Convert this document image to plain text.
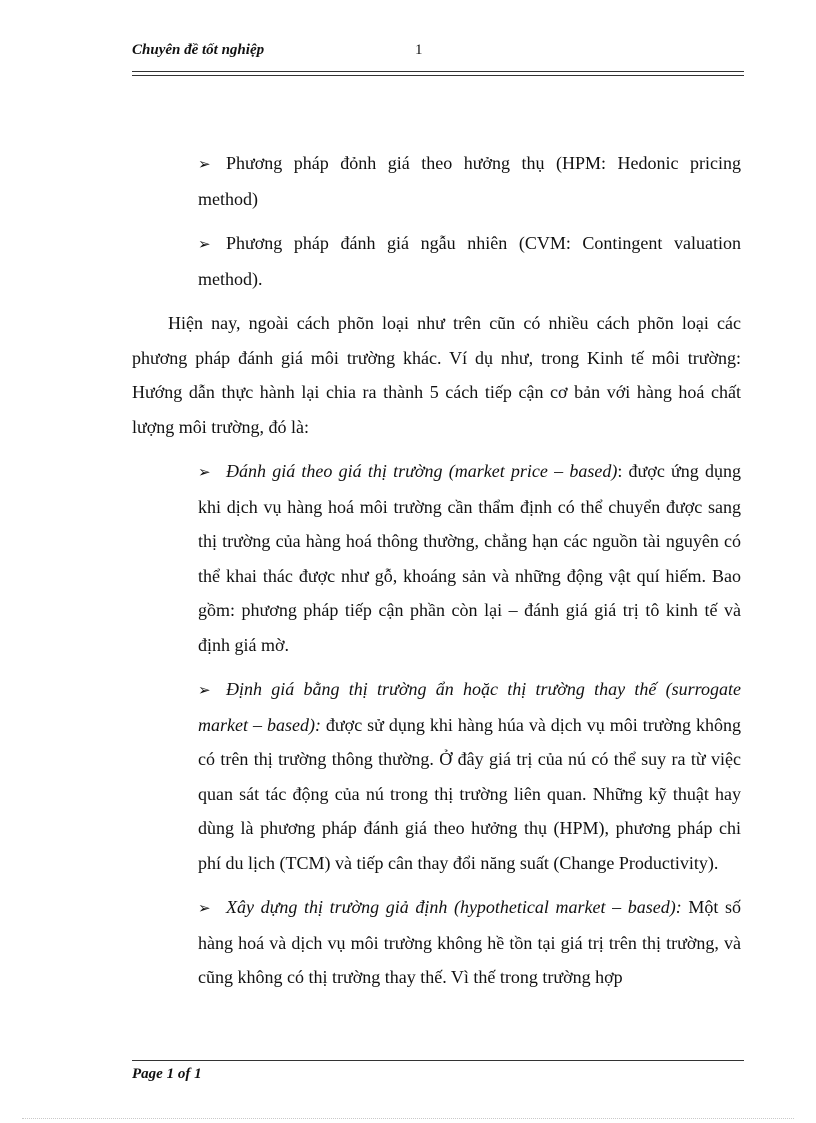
Chuyên đề tốt nghiệp	1
➢ Phương pháp đỏnh giá theo hưởng thụ (HPM: Hedonic pricing method)
➢ Phương pháp đánh giá ngẫu nhiên (CVM: Contingent valuation method).
Hiện nay, ngoài cách phõn loại như trên cũn có nhiều cách phõn loại các phương pháp đánh giá môi trường khác. Ví dụ như, trong Kinh tế môi trường: Hướng dẫn thực hành lại chia ra thành 5 cách tiếp cận cơ bản với hàng hoá chất lượng môi trường, đó là:
➢ Đánh giá theo giá thị trường (market price – based): được ứng dụng khi dịch vụ hàng hoá môi trường cần thẩm định có thể chuyển được sang thị trường của hàng hoá thông thường, chẳng hạn các nguồn tài nguyên có thể khai thác được như gỗ, khoáng sản và những động vật quí hiếm. Bao gồm: phương pháp tiếp cận phần còn lại – đánh giá giá trị tô kinh tế và định giá mờ.
➢ Định giá bằng thị trường ẩn hoặc thị trường thay thế (surrogate market – based): được sử dụng khi hàng húa và dịch vụ môi trường không có trên thị trường thông thường. Ở đây giá trị của nú có thể suy ra từ việc quan sát tác động của nú trong thị trường liên quan. Những kỹ thuật hay dùng là phương pháp đánh giá theo hưởng thụ (HPM), phương pháp chi phí du lịch (TCM) và tiếp cân thay đổi năng suất (Change Productivity).
➢ Xây dựng thị trường giả định (hypothetical market – based): Một số hàng hoá và dịch vụ môi trường không hề tồn tại giá trị trên thị trường, và cũng không có thị trường thay thế. Vì thế trong trường hợp
Page 1 of 1
